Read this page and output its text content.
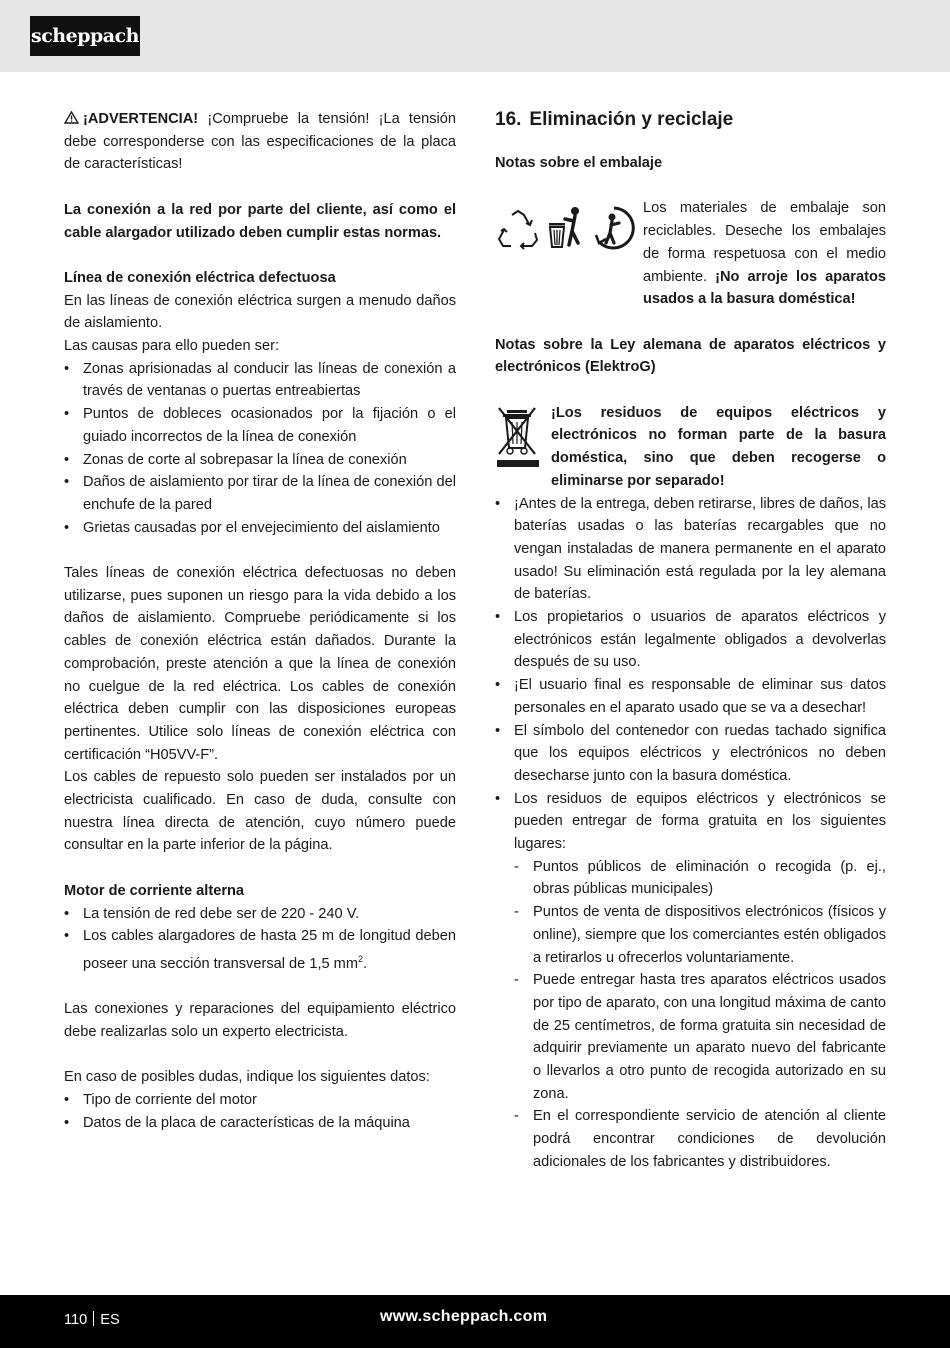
scheppach

¡ADVERTENCIA! ¡Compruebe la tensión! ¡La tensión debe corresponderse con las especificaciones de la placa de características!

La conexión a la red por parte del cliente, así como el cable alargador utilizado deben cumplir estas normas.

Línea de conexión eléctrica defectuosa

En las líneas de conexión eléctrica surgen a menudo daños de aislamiento.

Las causas para ello pueden ser:

• Zonas aprisionadas al conducir las líneas de conexión a través de ventanas o puertas entreabiertas
• Puntos de dobleces ocasionados por la fijación o el guiado incorrectos de la línea de conexión
• Zonas de corte al sobrepasar la línea de conexión
• Daños de aislamiento por tirar de la línea de conexión del enchufe de la pared
• Grietas causadas por el envejecimiento del aislamiento

Tales líneas de conexión eléctrica defectuosas no deben utilizarse, pues suponen un riesgo para la vida debido a los daños de aislamiento. Compruebe periódicamente si los cables de conexión eléctrica están dañados. Durante la comprobación, preste atención a que la línea de conexión no cuelgue de la red eléctrica. Los cables de conexión eléctrica deben cumplir con las disposiciones europeas pertinentes. Utilice solo líneas de conexión eléctrica con certificación “H05VV-F”.

Los cables de repuesto solo pueden ser instalados por un electricista cualificado. En caso de duda, consulte con nuestra línea directa de atención, cuyo número puede consultar en la parte inferior de la página.

Motor de corriente alterna

• La tensión de red debe ser de 220 - 240 V.
• Los cables alargadores de hasta 25 m de longitud deben poseer una sección transversal de 1,5 $mm^2$.

Las conexiones y reparaciones del equipamiento eléctrico debe realizarlas solo un experto electricista.

En caso de posibles dudas, indique los siguientes datos:

• Tipo de corriente del motor
• Datos de la placa de características de la máquina
16. Eliminación y reciclaje

Notas sobre el embalaje

Los materiales de embalaje son reciclables. Deseche los embalajes de forma respetuosa con el medio ambiente. ¡No arroje los aparatos usados a la basura doméstica!

Notas sobre la Ley alemana de aparatos eléctricos y electrónicos (ElektroG)

¡Los residuos de equipos eléctricos y electrónicos no forman parte de la basura doméstica, sino que deben recogerse o eliminarse por separado!

• ¡Antes de la entrega, deben retirarse, libres de daños, las baterías usadas o las baterías recargables que no vengan instaladas de manera permanente en el aparato usado! Su eliminación está regulada por la ley alemana de baterías.
• Los propietarios o usuarios de aparatos eléctricos y electrónicos están legalmente obligados a devolverlas después de su uso.
• ¡El usuario final es responsable de eliminar sus datos personales en el aparato usado que se va a desechar!
• El símbolo del contenedor con ruedas tachado significa que los equipos eléctricos y electrónicos no deben desecharse junto con la basura doméstica.
• Los residuos de equipos eléctricos y electrónicos se pueden entregar de forma gratuita en los siguientes lugares:
- Puntos públicos de eliminación o recogida (p. ej., obras públicas municipales)
- Puntos de venta de dispositivos electrónicos (físicos y online), siempre que los comerciantes estén obligados a retirarlos u ofrecerlos voluntariamente.
- Puede entregar hasta tres aparatos eléctricos usados por tipo de aparato, con una longitud máxima de canto de 25 centímetros, de forma gratuita sin necesidad de adquirir previamente un aparato nuevo del fabricante o llevarlos a otro punto de recogida autorizado en su zona.
- En el correspondiente servicio de atención al cliente podrá encontrar condiciones de devolución adicionales de los fabricantes y distribuidores.
110 ES	www.scheppach.com
